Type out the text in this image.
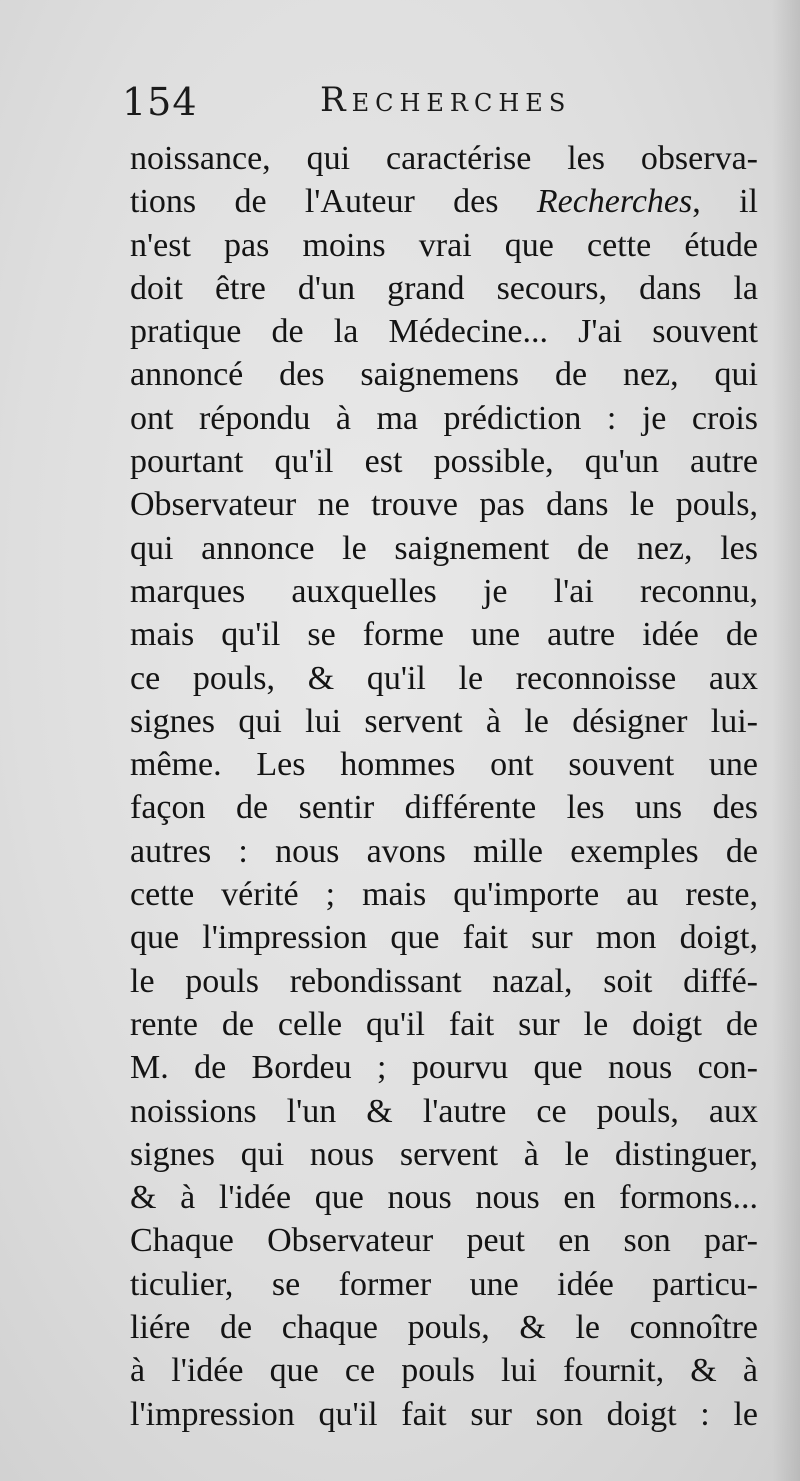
154	Recherches
noissance, qui caractérise les observa-
tions de l'Auteur des Recherches, il
n'est pas moins vrai que cette étude
doit être d'un grand secours, dans la
pratique de la Médecine... J'ai souvent
annoncé des saignemens de nez, qui
ont répondu à ma prédiction : je crois
pourtant qu'il est possible, qu'un autre
Observateur ne trouve pas dans le pouls,
qui annonce le saignement de nez, les
marques auxquelles je l'ai reconnu,
mais qu'il se forme une autre idée de
ce pouls, & qu'il le reconnoisse aux
signes qui lui servent à le désigner lui-
même. Les hommes ont souvent une
façon de sentir différente les uns des
autres : nous avons mille exemples de
cette vérité ; mais qu'importe au reste,
que l'impression que fait sur mon doigt,
le pouls rebondissant nazal, soit diffé-
rente de celle qu'il fait sur le doigt de
M. de Bordeu ; pourvu que nous con-
noissions l'un & l'autre ce pouls, aux
signes qui nous servent à le distinguer,
& à l'idée que nous nous en formons...
Chaque Observateur peut en son par-
ticulier, se former une idée particu-
liére de chaque pouls, & le connoître
à l'idée que ce pouls lui fournit, & à
l'impression qu'il fait sur son doigt : le
